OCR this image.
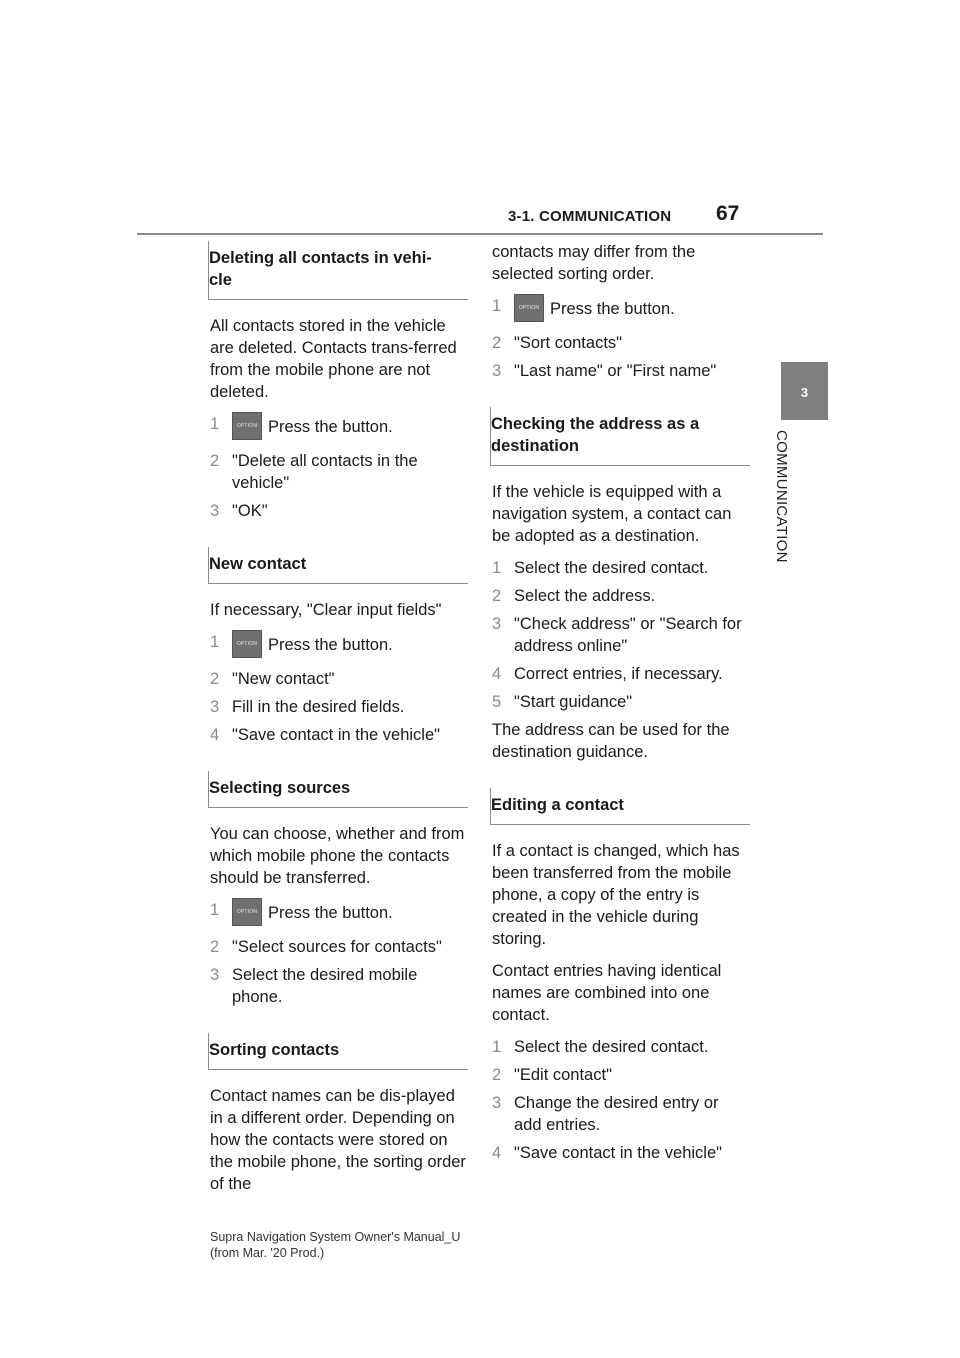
3-1. COMMUNICATION 67
3
COMMUNICATION
Deleting all contacts in vehi-
cle

All contacts stored in the vehicle are deleted. Contacts trans-ferred from the mobile phone are not deleted.

1	OPTION Press the button.
2 "Delete all contacts in the vehicle"
3 "OK"
New contact

If necessary, "Clear input fields"

1	OPTION Press the button.
2 "New contact"
3 Fill in the desired fields.
4 "Save contact in the vehicle"
Selecting sources

You can choose, whether and from which mobile phone the contacts should be transferred.

1	OPTION Press the button.
2 "Select sources for contacts"
3 Select the desired mobile phone.
Sorting contacts

Contact names can be dis-played in a different order. Depending on how the contacts were stored on the mobile phone, the sorting order of the

contacts may differ from the selected sorting order.

1	OPTION Press the button.
2 "Sort contacts"
3 "Last name" or "First name"
Checking the address as a destination

If the vehicle is equipped with a navigation system, a contact can be adopted as a destination.

1 Select the desired contact.
2 Select the address.
3 "Check address" or "Search for address online"
4 Correct entries, if necessary.
5 "Start guidance"

The address can be used for the destination guidance.

Editing a contact

If a contact is changed, which has been transferred from the mobile phone, a copy of the entry is created in the vehicle during storing.

Contact entries having identical names are combined into one contact.

1 Select the desired contact.
2 "Edit contact"
3 Change the desired entry or add entries.
4 "Save contact in the vehicle"
Supra Navigation System Owner's Manual_U
(from Mar. '20 Prod.)
